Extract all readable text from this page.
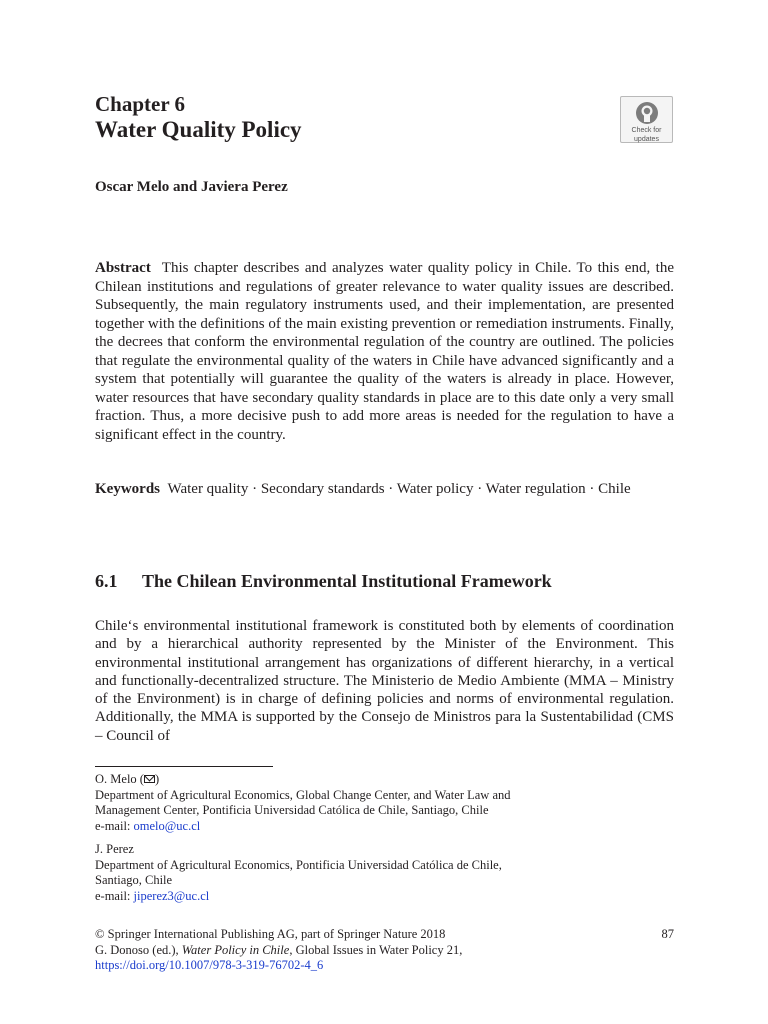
Chapter 6
Water Quality Policy	Check for
updates
Oscar Melo and Javiera Perez
Abstract This chapter describes and analyzes water quality policy in Chile. To this end, the Chilean institutions and regulations of greater relevance to water quality issues are described. Subsequently, the main regulatory instruments used, and their implementation, are presented together with the definitions of the main existing prevention or remediation instruments. Finally, the decrees that conform the environmental regulation of the country are outlined. The policies that regulate the environmental quality of the waters in Chile have advanced significantly and a system that potentially will guarantee the quality of the waters is already in place. However, water resources that have secondary quality standards in place are to this date only a very small fraction. Thus, a more decisive push to add more areas is needed for the regulation to have a significant effect in the country.
Keywords Water quality · Secondary standards · Water policy · Water regulation · Chile
6.1 The Chilean Environmental Institutional Framework
Chile‘s environmental institutional framework is constituted both by elements of coordination and by a hierarchical authority represented by the Minister of the Environment. This environmental institutional arrangement has organizations of different hierarchy, in a vertical and functionally-decentralized structure. The Ministerio de Medio Ambiente (MMA – Ministry of the Environment) is in charge of defining policies and norms of environmental regulation. Additionally, the MMA is supported by the Consejo de Ministros para la Sustentabilidad (CMS – Council of
O. Melo ( )
Department of Agricultural Economics, Global Change Center, and Water Law and
Management Center, Pontificia Universidad Católica de Chile, Santiago, Chile
e-mail: omelo@uc.cl
J. Perez
Department of Agricultural Economics, Pontificia Universidad Católica de Chile,
Santiago, Chile
e-mail: jiperez3@uc.cl
© Springer International Publishing AG, part of Springer Nature 2018
G. Donoso (ed.), Water Policy in Chile, Global Issues in Water Policy 21,
https://doi.org/10.1007/978-3-319-76702-4_6
87
